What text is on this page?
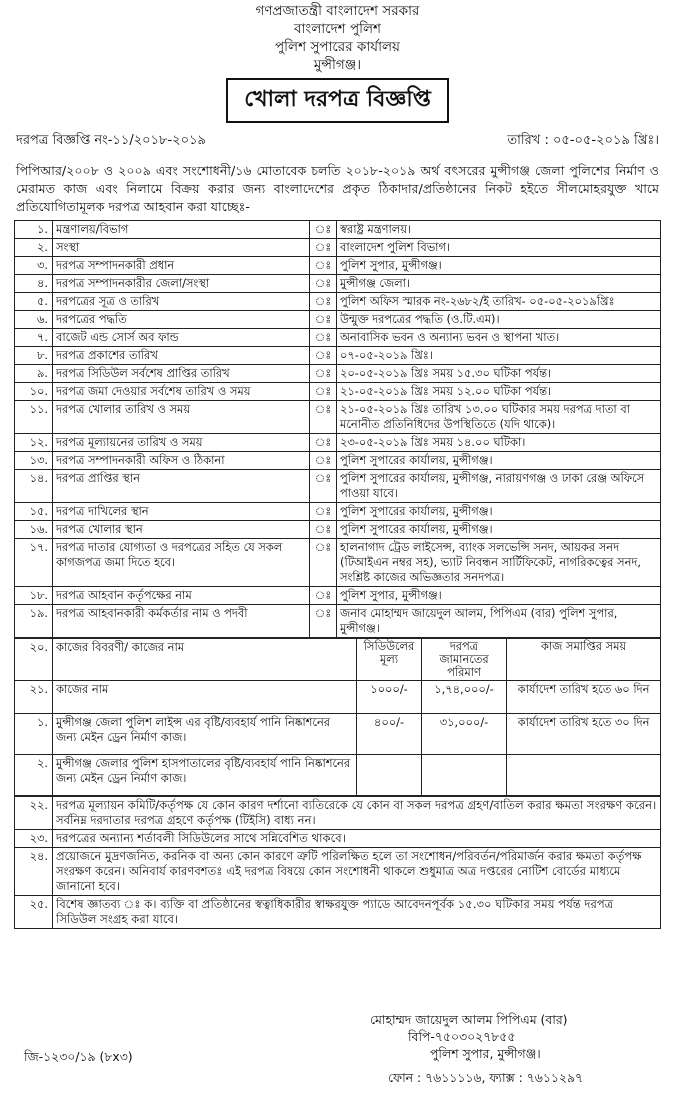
গণপ্রজাতন্ত্রী বাংলাদেশ সরকার
বাংলাদেশ পুলিশ
পুলিশ সুপারের কার্যালয়
মুন্সীগঞ্জ।
খোলা দরপত্র বিজ্ঞপ্তি
দরপত্র বিজ্ঞপ্তি নং-১১/২০১৮-২০১৯	তারিখ : ০৫-০৫-২০১৯ খ্রিঃ।
পিপিআর/২০০৮ ও ২০০৯ এবং সংশোধনী/১৬ মোতাবেক চলতি ২০১৮-২০১৯ অর্থ বৎসরের মুন্সীগঞ্জ জেলা পুলিশের নির্মাণ ও মেরামত কাজ এবং নিলামে বিক্রয় করার জন্য বাংলাদেশের প্রকৃত ঠিকাদার/প্রতিষ্ঠানের নিকট হইতে সীলমোহরযুক্ত খামে প্রতিযোগিতামূলক দরপত্র আহবান করা যাচ্ছেঃ-
১.	মন্ত্রণালয়/বিভাগ	ঃ	স্বরাষ্ট্র মন্ত্রণালয়।
২.	সংস্থা	ঃ	বাংলাদেশ পুলিশ বিভাগ।
৩.	দরপত্র সম্পাদনকারী প্রধান	ঃ	পুলিশ সুপার, মুন্সীগঞ্জ।
৪.	দরপত্র সম্পাদনকারীর জেলা/সংস্থা	ঃ	মুন্সীগঞ্জ জেলা।
৫.	দরপত্রের সূত্র ও তারিখ	ঃ	পুলিশ অফিস স্মারক নং-২৬৮২/ই তারিখ- ০৫-০৫-২০১৯খ্রিঃ
৬.	দরপত্রের পদ্ধতি	ঃ	উন্মুক্ত দরপত্রের পদ্ধতি (ও.টি.এম)।
৭.	বাজেট এন্ড সোর্স অব ফান্ড	ঃ	অনাবাসিক ভবন ও অন্যান্য ভবন ও স্থাপনা খাত।
৮.	দরপত্র প্রকাশের তারিখ	ঃ	০৭-০৫-২০১৯ খ্রিঃ।
৯.	দরপত্র সিডিউল সর্বশেষ প্রাপ্তির তারিখ	ঃ	২০-০৫-২০১৯ খ্রিঃ সময় ১৫.৩০ ঘটিকা পর্যন্ত।
১০.	দরপত্র জমা দেওয়ার সর্বশেষ তারিখ ও সময়	ঃ	২১-০৫-২০১৯ খ্রিঃ সময় ১২.০০ ঘটিকা পর্যন্ত।
১১.	দরপত্র খোলার তারিখ ও সময়	ঃ	২১-০৫-২০১৯ খ্রিঃ তারিখ ১৩.০০ ঘটিকার সময় দরপত্র দাতা বা মনোনীত প্রতিনিধিদের উপস্থিতিতে (যদি থাকে)।
১২.	দরপত্র মূল্যায়নের তারিখ ও সময়	ঃ	২৩-০৫-২০১৯ খ্রিঃ সময় ১৪.০০ ঘটিকা।
১৩.	দরপত্র সম্পাদনকারী অফিস ও ঠিকানা	ঃ	পুলিশ সুপারের কার্যালয়, মুন্সীগঞ্জ।
১৪.	দরপত্র প্রাপ্তির স্থান	ঃ	পুলিশ সুপারের কার্যালয়, মুন্সীগঞ্জ, নারায়ণগঞ্জ ও ঢাকা রেঞ্জ অফিসে পাওয়া যাবে।
১৫.	দরপত্র দাখিলের স্থান	ঃ	পুলিশ সুপারের কার্যালয়, মুন্সীগঞ্জ।
১৬.	দরপত্র খোলার স্থান	ঃ	পুলিশ সুপারের কার্যালয়, মুন্সীগঞ্জ।
১৭.	দরপত্র দাতার যোগ্যতা ও দরপত্রের সহিত যে সকল কাগজপত্র জমা দিতে হবে।	ঃ	হালনাগাদ ট্রেড লাইসেন্স, ব্যাংক সলভেন্সি সনদ, আয়কর সনদ (টিআইএন নম্বর সহ), ভ্যাট নিবন্ধন সার্টিফিকেট, নাগরিকত্বের সনদ, সংশ্লিষ্ট কাজের অভিজ্ঞতার সনদপত্র।
১৮.	দরপত্র আহবান কর্তৃপক্ষের নাম	ঃ	পুলিশ সুপার, মুন্সীগঞ্জ।
১৯.	দরপত্র আহবানকারী কর্মকর্তার নাম ও পদবী	ঃ	জনাব মোহাম্মদ জায়েদুল আলম, পিপিএম (বার) পুলিশ সুপার, মুন্সীগঞ্জ।
২০.	কাজের বিবরণী/ কাজের নাম	সিডিউলের মূল্য	দরপত্র জামানতের পরিমাণ	কাজ সমাপ্তির সময়
২১.	কাজের নাম	১০০০/-	১,৭৪,০০০/-	কার্যাদেশ তারিখ হতে ৬০ দিন
১.	মুন্সীগঞ্জ জেলা পুলিশ লাইন্স এর বৃষ্টি/ব্যবহার্য পানি নিষ্কাশনের জন্য মেইন ড্রেন নির্মাণ কাজ।	৪০০/-	৩১,০০০/-	কার্যাদেশ তারিখ হতে ৩০ দিন
২.	মুন্সীগঞ্জ জেলার পুলিশ হাসপাতালের বৃষ্টি/ব্যবহার্য পানি নিষ্কাশনের জন্য মেইন ড্রেন নির্মাণ কাজ।			
২২.	দরপত্র মূল্যায়ন কমিটি/কর্তৃপক্ষ যে কোন কারণ দর্শানো ব্যতিরেকে যে কোন বা সকল দরপত্র গ্রহণ/বাতিল করার ক্ষমতা সংরক্ষণ করেন। সর্বনিম্ন দরদাতার দরপত্র গ্রহণে কর্তৃপক্ষ (টিইসি) বাধ্য নন।
২৩.	দরপত্রের অন্যান্য শর্তাবলী সিডিউলের সাথে সন্নিবেশিত থাকবে।
২৪.	প্রয়োজনে মুদ্রণজনিত, করনিক বা অন্য কোন কারণে ত্রুটি পরিলক্ষিত হলে তা সংশোধন/পরিবর্তন/পরিমার্জন করার ক্ষমতা কর্তৃপক্ষ সংরক্ষণ করেন। অনিবার্য কারণবশতঃ এই দরপত্র বিষয়ে কোন সংশোধনী থাকলে শুধুমাত্র অত্র দপ্তরের নোটিশ বোর্ডের মাধ্যমে জানানো হবে।
২৫.	বিশেষ জ্ঞাতব্য ঃ ক। ব্যক্তি বা প্রতিষ্ঠানের স্বত্বাধিকারীর স্বাক্ষরযুক্ত প্যাডে আবেদনপূর্বক ১৫.৩০ ঘটিকার সময় পর্যন্ত দরপত্র সিডিউল সংগ্রহ করা যাবে।
মোহাম্মদ জায়েদুল আলম পিপিএম (বার)
বিপি-৭৫০৩০২৭৮৫৫
পুলিশ সুপার, মুন্সীগঞ্জ।
জি-১২৩০/১৯ (৮x৩)
ফোন : ৭৬১১১১৬, ফ্যাক্স : ৭৬১১২৯৭
